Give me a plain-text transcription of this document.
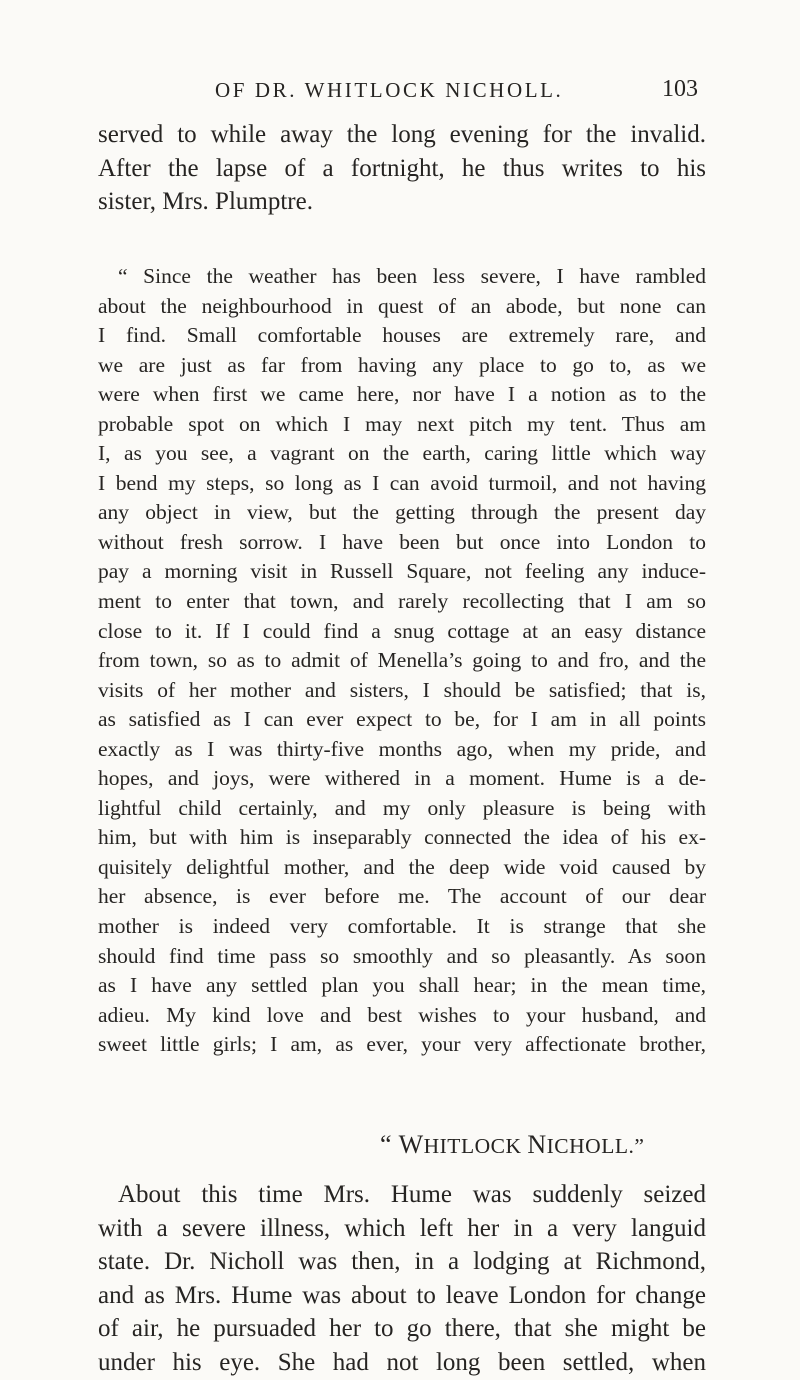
OF DR. WHITLOCK NICHOLL.	103

served to while away the long evening for the invalid.
After the lapse of a fortnight, he thus writes to his
sister, Mrs. Plumptre.

“ Since the weather has been less severe, I have rambled
about the neighbourhood in quest of an abode, but none can
I find. Small comfortable houses are extremely rare, and
we are just as far from having any place to go to, as we
were when first we came here, nor have I a notion as to the
probable spot on which I may next pitch my tent. Thus am
I, as you see, a vagrant on the earth, caring little which way
I bend my steps, so long as I can avoid turmoil, and not having
any object in view, but the getting through the present day
without fresh sorrow. I have been but once into London to
pay a morning visit in Russell Square, not feeling any induce-
ment to enter that town, and rarely recollecting that I am so
close to it. If I could find a snug cottage at an easy distance
from town, so as to admit of Menella’s going to and fro, and the
visits of her mother and sisters, I should be satisfied; that is,
as satisfied as I can ever expect to be, for I am in all points
exactly as I was thirty-five months ago, when my pride, and
hopes, and joys, were withered in a moment. Hume is a de-
lightful child certainly, and my only pleasure is being with
him, but with him is inseparably connected the idea of his ex-
quisitely delightful mother, and the deep wide void caused by
her absence, is ever before me. The account of our dear
mother is indeed very comfortable. It is strange that she
should find time pass so smoothly and so pleasantly. As soon
as I have any settled plan you shall hear; in the mean time,
adieu. My kind love and best wishes to your husband, and
sweet little girls; I am, as ever, your very affectionate brother,

“ WHITLOCK NICHOLL.”

About this time Mrs. Hume was suddenly seized
with a severe illness, which left her in a very languid
state. Dr. Nicholl was then, in a lodging at Richmond,
and as Mrs. Hume was about to leave London for change
of air, he pursuaded her to go there, that she might be
under his eye. She had not long been settled, when
